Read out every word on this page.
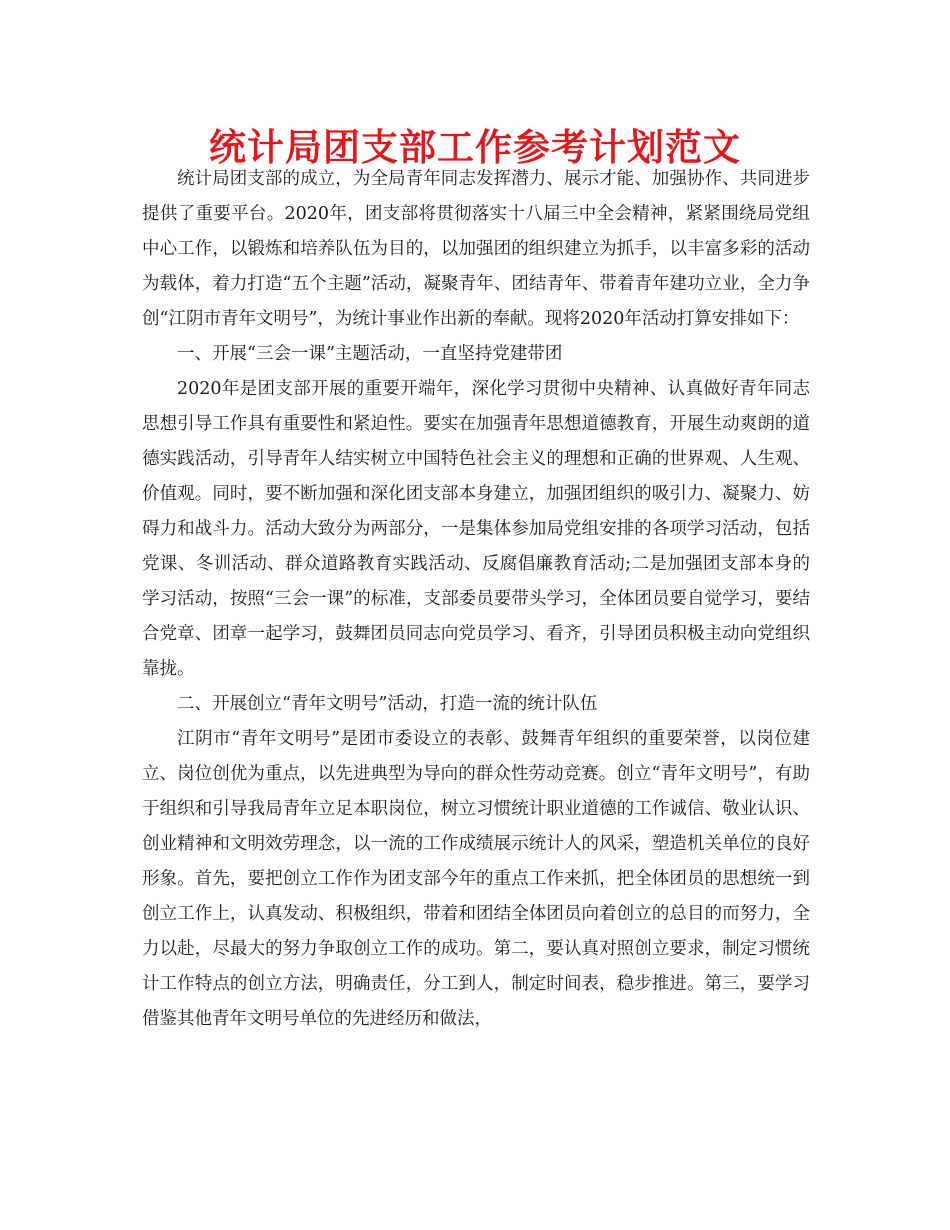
统计局团支部工作参考计划范文

统计局团支部的成立，为全局青年同志发挥潜力、展示才能、加强协作、共同进步提供了重要平台。2020年，团支部将贯彻落实十八届三中全会精神，紧紧围绕局党组中心工作，以锻炼和培养队伍为目的，以加强团的组织建立为抓手，以丰富多彩的活动为载体，着力打造“五个主题”活动，凝聚青年、团结青年、带着青年建功立业，全力争创“江阴市青年文明号”，为统计事业作出新的奉献。现将2020年活动打算安排如下：

一、开展“三会一课”主题活动，一直坚持党建带团

2020年是团支部开展的重要开端年，深化学习贯彻中央精神、认真做好青年同志思想引导工作具有重要性和紧迫性。要实在加强青年思想道德教育，开展生动爽朗的道德实践活动，引导青年人结实树立中国特色社会主义的理想和正确的世界观、人生观、价值观。同时，要不断加强和深化团支部本身建立，加强团组织的吸引力、凝聚力、妨碍力和战斗力。活动大致分为两部分，一是集体参加局党组安排的各项学习活动，包括党课、冬训活动、群众道路教育实践活动、反腐倡廉教育活动;二是加强团支部本身的学习活动，按照“三会一课”的标准，支部委员要带头学习，全体团员要自觉学习，要结合党章、团章一起学习，鼓舞团员同志向党员学习、看齐，引导团员积极主动向党组织靠拢。

二、开展创立“青年文明号”活动，打造一流的统计队伍

江阴市“青年文明号”是团市委设立的表彰、鼓舞青年组织的重要荣誉，以岗位建立、岗位创优为重点，以先进典型为导向的群众性劳动竞赛。创立“青年文明号”，有助于组织和引导我局青年立足本职岗位，树立习惯统计职业道德的工作诚信、敬业认识、创业精神和文明效劳理念，以一流的工作成绩展示统计人的风采，塑造机关单位的良好形象。首先，要把创立工作作为团支部今年的重点工作来抓，把全体团员的思想统一到创立工作上，认真发动、积极组织，带着和团结全体团员向着创立的总目的而努力，全力以赴，尽最大的努力争取创立工作的成功。第二，要认真对照创立要求，制定习惯统计工作特点的创立方法，明确责任，分工到人，制定时间表，稳步推进。第三，要学习借鉴其他青年文明号单位的先进经历和做法，
